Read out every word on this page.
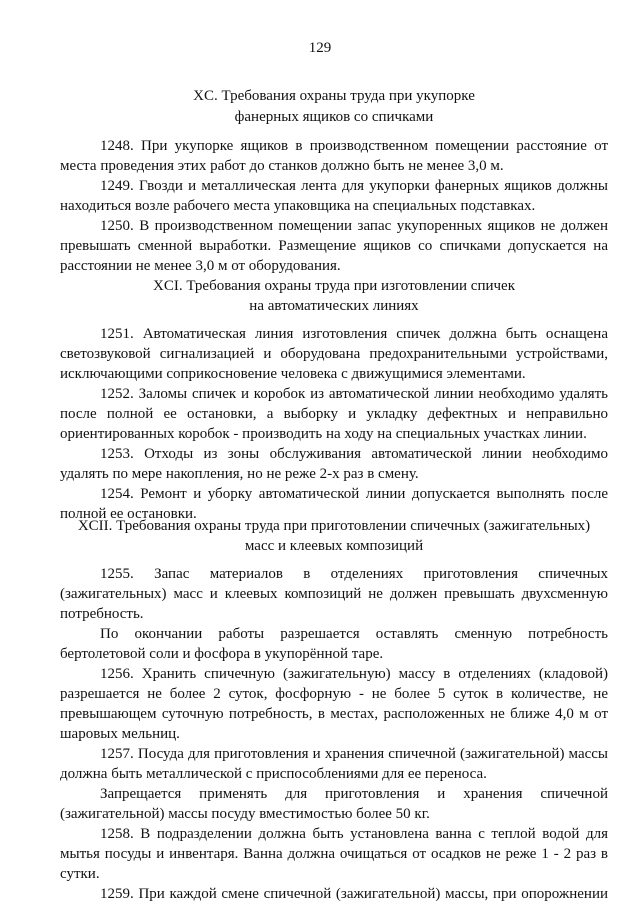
129
XC. Требования охраны труда при укупорке
фанерных ящиков со спичками
1248. При укупорке ящиков в производственном помещении расстояние от
места проведения этих работ до станков должно быть не менее 3,0 м.
1249. Гвозди и металлическая лента для укупорки фанерных ящиков должны
находиться возле рабочего места упаковщика на специальных подставках.
1250. В производственном помещении запас укупоренных ящиков не должен
превышать сменной выработки. Размещение ящиков со спичками допускается на
расстоянии не менее 3,0 м от оборудования.
XCI. Требования охраны труда при изготовлении спичек
на автоматических линиях
1251. Автоматическая линия изготовления спичек должна быть оснащена
светозвуковой сигнализацией и оборудована предохранительными устройствами,
исключающими соприкосновение человека с движущимися элементами.
1252. Заломы спичек и коробок из автоматической линии необходимо удалять
после полной ее остановки, а выборку и укладку дефектных и неправильно
ориентированных коробок - производить на ходу на специальных участках линии.
1253. Отходы из зоны обслуживания автоматической линии необходимо
удалять по мере накопления, но не реже 2-х раз в смену.
1254. Ремонт и уборку автоматической линии допускается выполнять после
полной ее остановки.
XCII. Требования охраны труда при приготовлении спичечных (зажигательных)
масс и клеевых композиций
1255. Запас материалов в отделениях приготовления спичечных
(зажигательных) масс и клеевых композиций не должен превышать двухсменную
потребность.
По окончании работы разрешается оставлять сменную потребность
бертолетовой соли и фосфора в укупорённой таре.
1256. Хранить спичечную (зажигательную) массу в отделениях (кладовой)
разрешается не более 2 суток, фосфорную - не более 5 суток в количестве, не
превышающем суточную потребность, в местах, расположенных не ближе 4,0 м от
шаровых мельниц.
1257. Посуда для приготовления и хранения спичечной (зажигательной) массы
должна быть металлической с приспособлениями для ее переноса.
Запрещается применять для приготовления и хранения спичечной
(зажигательной) массы посуду вместимостью более 50 кг.
1258. В подразделении должна быть установлена ванна с теплой водой для
мытья посуды и инвентаря. Ванна должна очищаться от осадков не реже 1 - 2 раз в
сутки.
1259. При каждой смене спичечной (зажигательной) массы, при опорожнении
